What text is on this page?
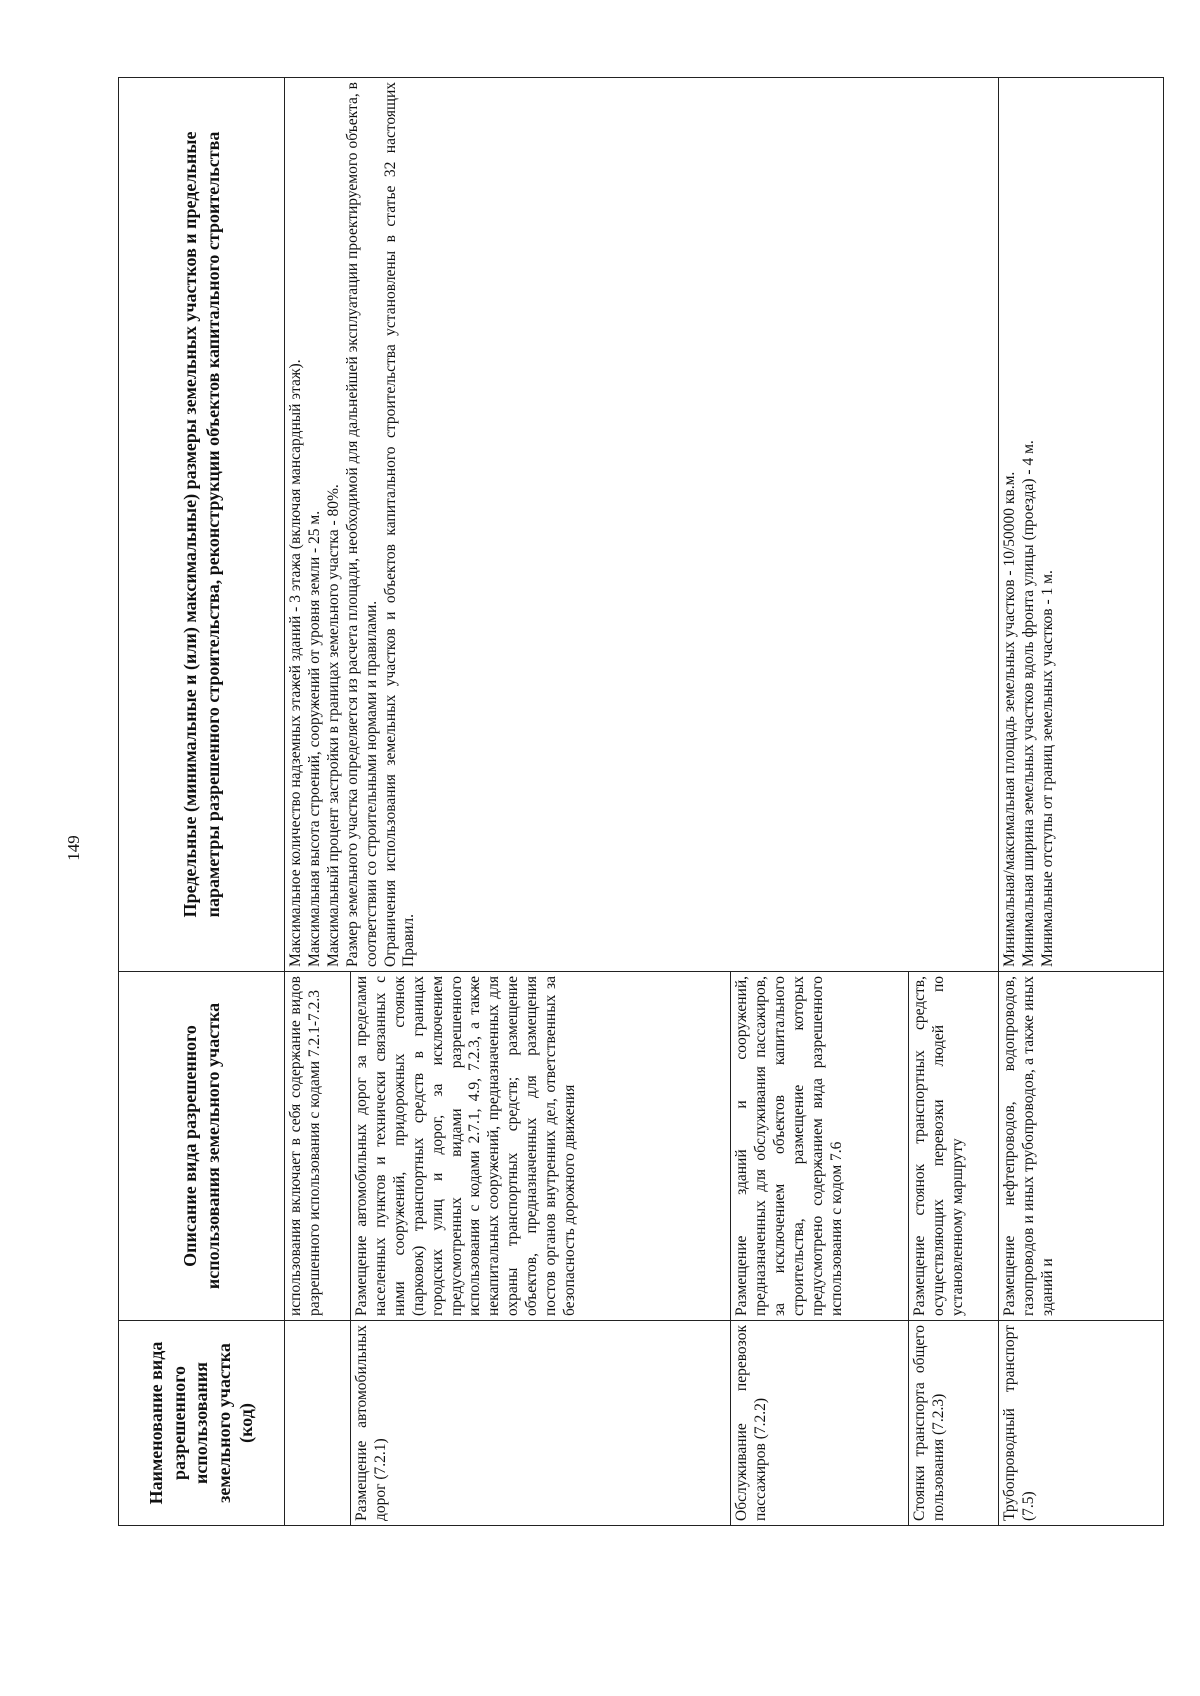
149
Наименование вида разрешенного использования земельного участка (код)	Описание вида разрешенного использования земельного участка	Предельные (минимальные и (или) максимальные) размеры земельных участков и предельные параметры разрешенного строительства, реконструкции объектов капитального строительства
	использования включает в себя содержание видов разрешенного использования с кодами 7.2.1-7.2.3	Максимальное количество надземных этажей зданий - 3 этажа (включая мансардный этаж). Максимальная высота строений, сооружений от уровня земли - 25 м. Максимальный процент застройки в границах земельного участка - 80%. Размер земельного участка определяется из расчета площади, необходимой для дальнейшей эксплуатации проектируемого объекта, в соответствии со строительными нормами и правилами. Ограничения использования земельных участков и объектов капитального строительства установлены в статье 32 настоящих Правил.

Размещение автомобильных дорог (7.2.1)	Размещение автомобильных дорог за пределами населенных пунктов и технически связанных с ними сооружений, придорожных стоянок (парковок) транспортных средств в границах городских улиц и дорог, за исключением предусмотренных видами разрешенного использования с кодами 2.7.1, 4.9, 7.2.3, а также некапитальных сооружений, предназначенных для охраны транспортных средств; размещение объектов, предназначенных для размещения постов органов внутренних дел, ответственных за безопасность дорожного движения	
Обслуживание перевозок пассажиров (7.2.2)	Размещение зданий и сооружений, предназначенных для обслуживания пассажиров, за исключением объектов капитального строительства, размещение которых предусмотрено содержанием вида разрешенного использования с кодом 7.6	
Стоянки транспорта общего пользования (7.2.3)	Размещение стоянок транспортных средств, осуществляющих перевозки людей по установленному маршруту	
Трубопроводный транспорт (7.5)	Размещение нефтепроводов, водопроводов, газопроводов и иных трубопроводов, а также иных зданий и	Минимальная/максимальная площадь земельных участков - 10/50000 кв.м. Минимальная ширина земельных участков вдоль фронта улицы (проезда) - 4 м. Минимальные отступы от границ земельных участков - 1 м.
